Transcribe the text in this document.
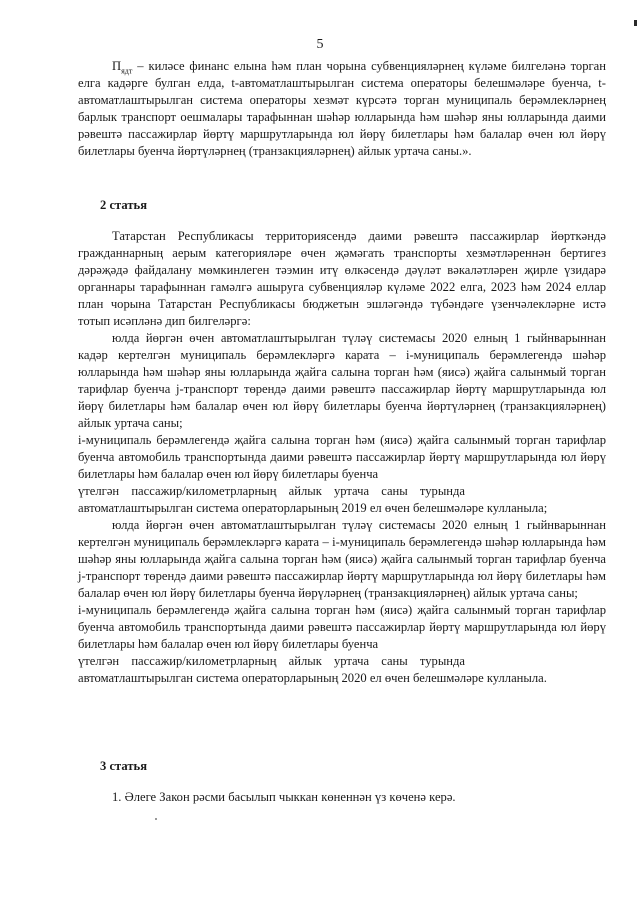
5

$П_{ядт}$ – киләсе финанс елына һәм план чорына субвенцияләрнең күләме билгеләнә торган елга кадәрге булган елда, t-автоматлаштырылган система операторы белешмәләре буенча, t-автоматлаштырылган система операторы хезмәт күрсәтә торган муниципаль берәмлекләрнең барлык транспорт оешмалары тарафыннан шәһәр юлларында һәм шәһәр яны юлларында даими рәвештә пассажирлар йөртү маршрутларында юл йөрү билетлары һәм балалар өчен юл йөрү билетлары буенча йөртүләрнең (транзакцияләрнең) айлык уртача саны.».

2 статья

Татарстан Республикасы территориясендә даими рәвештә пассажирлар йөрткәндә гражданнарның аерым категорияләре өчен җәмәгать транспорты хезмәтләреннән бертигез дәрәҗәдә файдалану мөмкинлеген тәэмин итү өлкәсендә дәүләт вәкаләтләрен җирле үзидарә органнары тарафыннан гамәлгә ашыруга субвенцияләр күләме 2022 елга, 2023 һәм 2024 еллар план чорына Татарстан Республикасы бюджетын эшләгәндә түбәндәге үзенчәлекләрне истә тотып исәпләнә дип билгеләргә:

юлда йөргән өчен автоматлаштырылган түләү системасы 2020 елның 1 гыйнварыннан кадәр кертелгән муниципаль берәмлекләргә карата – i-муниципаль берәмлегендә шәһәр юлларында һәм шәһәр яны юлларында җайга салына торган һәм (яисә) җайга салынмый торган тарифлар буенча j-транспорт төрендә даими рәвештә пассажирлар йөртү маршрутларында юл йөрү билетлары һәм балалар өчен юл йөрү билетлары буенча йөртүләрнең (транзакцияләрнең) айлык уртача саны;

i-муниципаль берәмлегендә җайга салына торган һәм (яисә) җайга салынмый торган тарифлар буенча автомобиль транспортында даими рәвештә пассажирлар йөртү маршрутларында юл йөрү билетлары һәм балалар өчен юл йөрү билетлары буенча

үтелгән пассажир/километрларның айлык уртача саны турында

автоматлаштырылган система операторларының 2019 ел өчен белешмәләре кулланыла;

юлда йөргән өчен автоматлаштырылган түләү системасы 2020 елның 1 гыйнварыннан кертелгән муниципаль берәмлекләргә карата – i-муниципаль берәмлегендә шәһәр юлларында һәм шәһәр яны юлларында җайга салына торган һәм (яисә) җайга салынмый торган тарифлар буенча j-транспорт төрендә даими рәвештә пассажирлар йөртү маршрутларында юл йөрү билетлары һәм балалар өчен юл йөрү билетлары буенча йөрүләрнең (транзакцияләрнең) айлык уртача саны;

i-муниципаль берәмлегендә җайга салына торган һәм (яисә) җайга салынмый торган тарифлар буенча автомобиль транспортында даими рәвештә пассажирлар йөртү маршрутларында юл йөрү билетлары һәм балалар өчен юл йөрү билетлары буенча

үтелгән пассажир/километрларның айлык уртача саны турында

автоматлаштырылган система операторларының 2020 ел өчен белешмәләре кулланыла.

3 статья

1. Әлеге Закон рәсми басылып чыккан көненнән үз көченә керә.
